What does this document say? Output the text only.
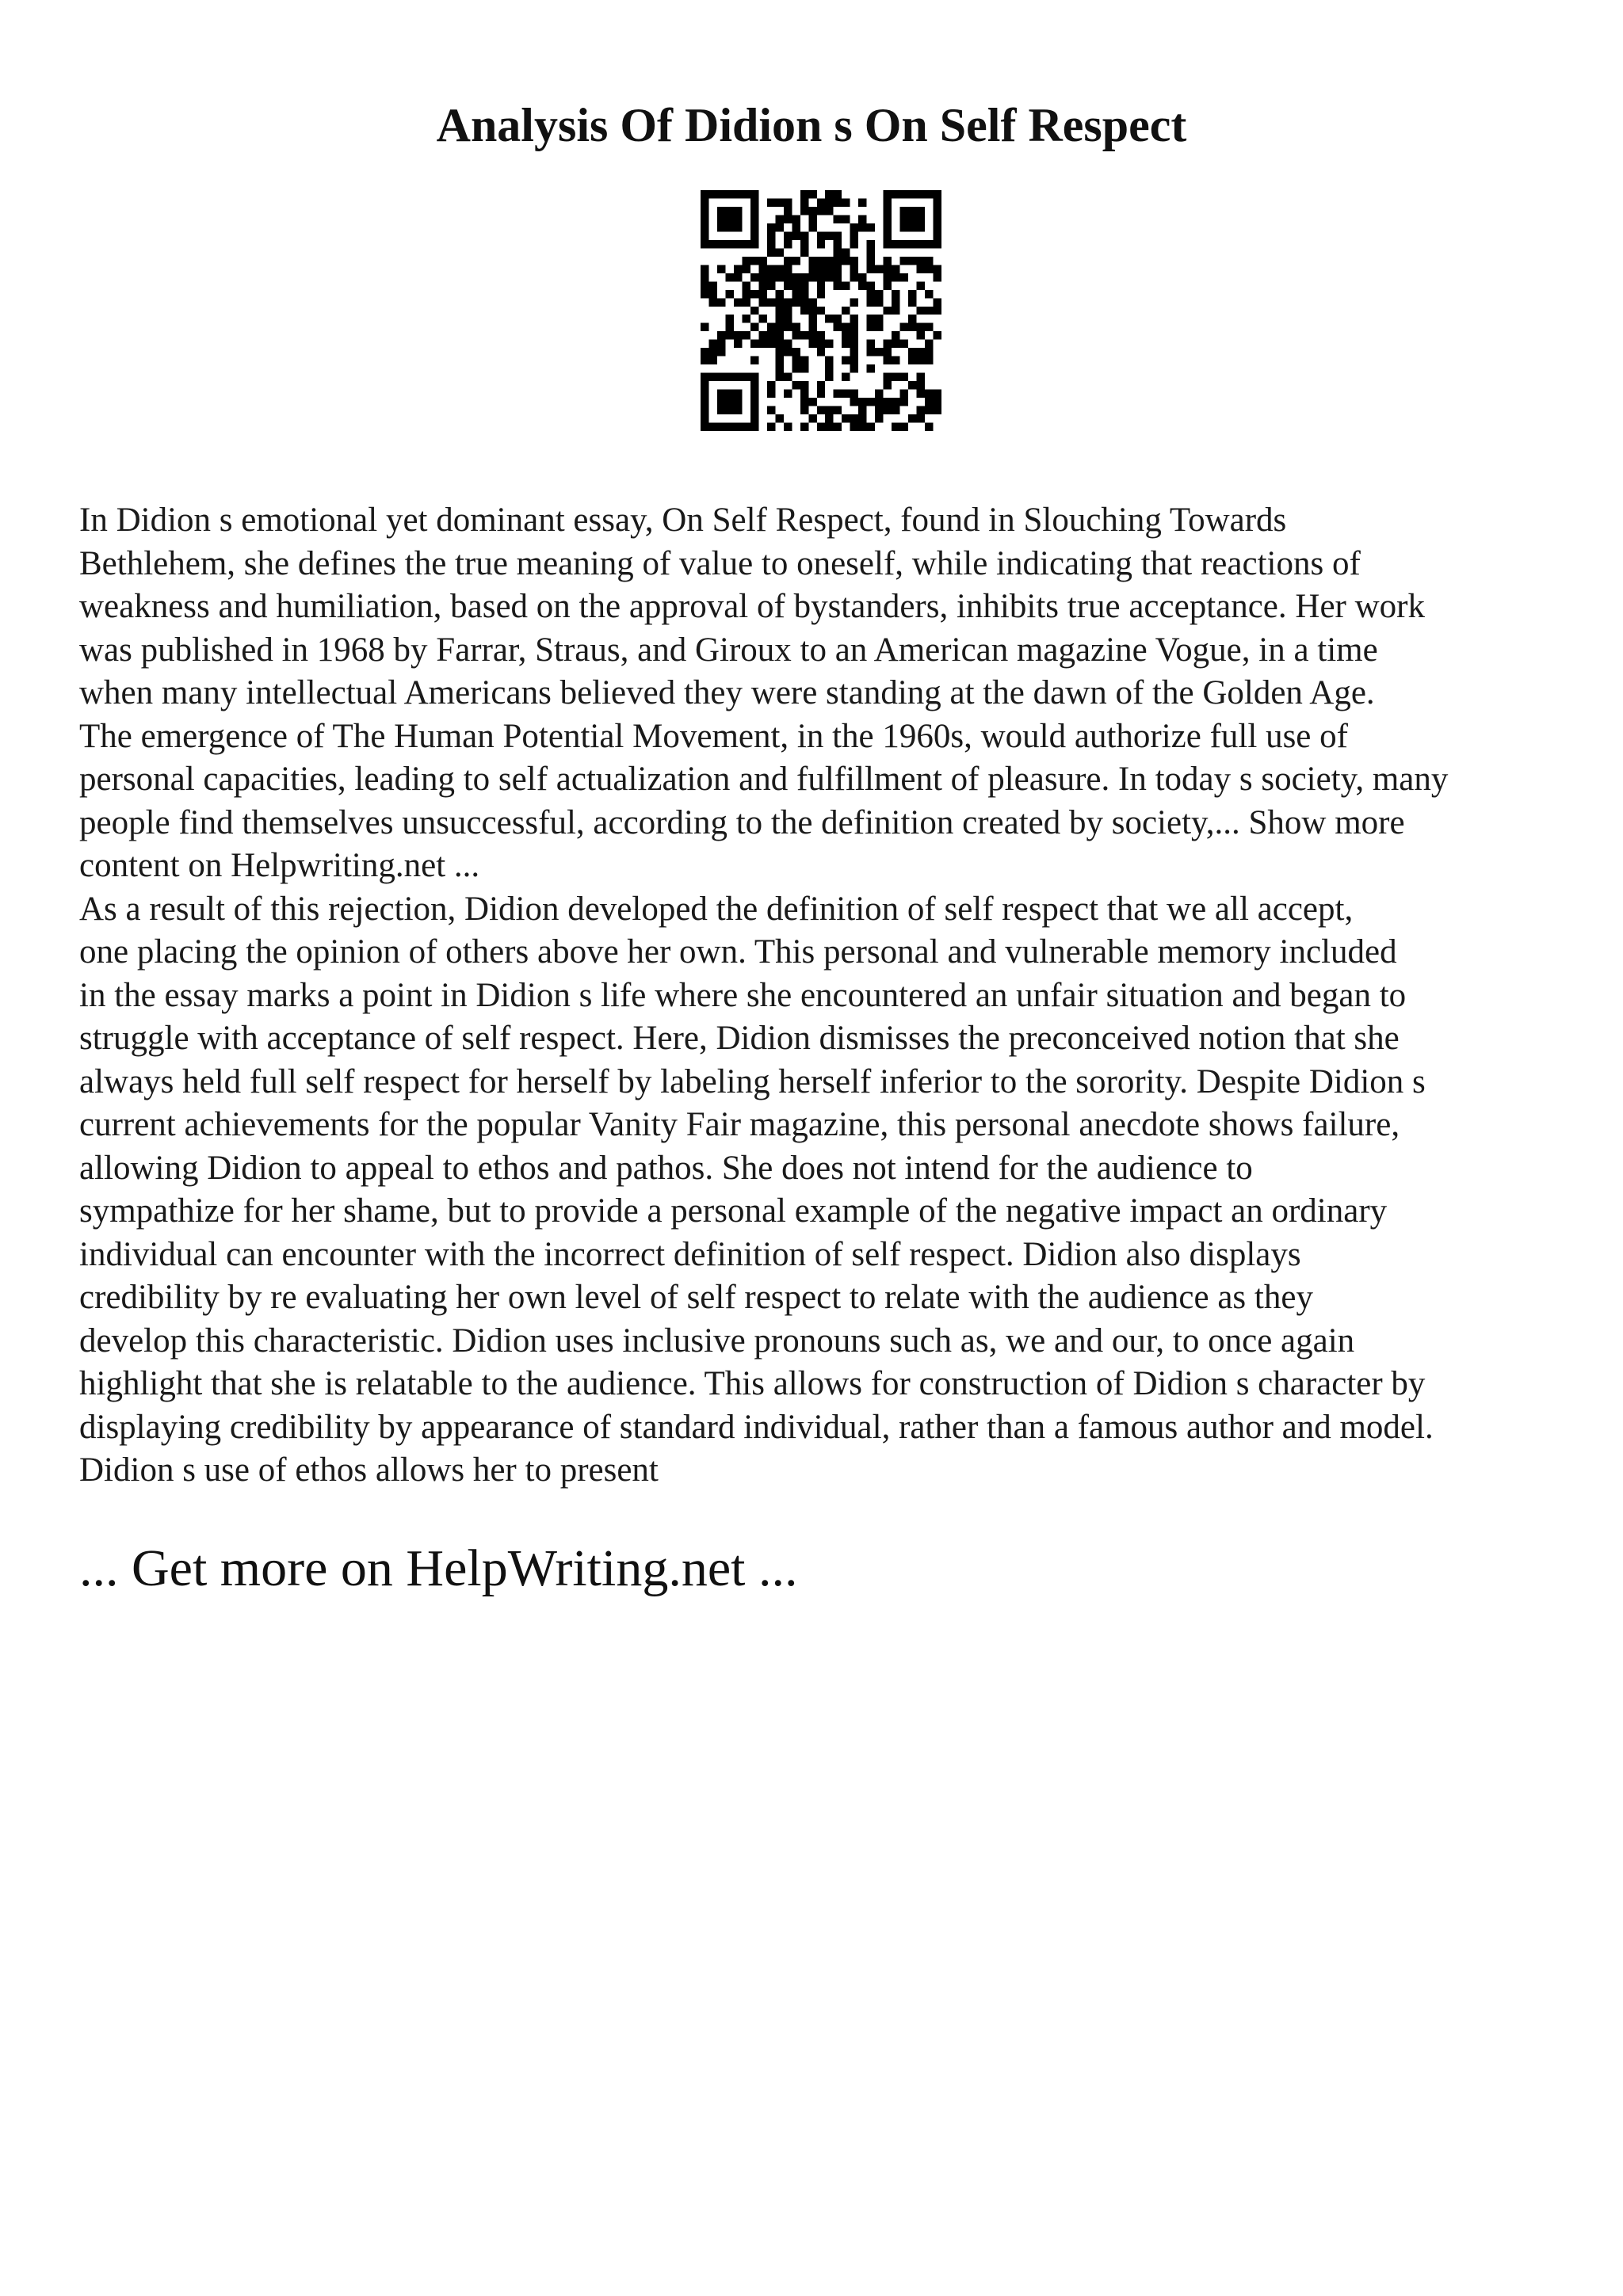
Analysis Of Didion s On Self Respect

In Didion s emotional yet dominant essay, On Self Respect, found in Slouching Towards
Bethlehem, she defines the true meaning of value to oneself, while indicating that reactions of
weakness and humiliation, based on the approval of bystanders, inhibits true acceptance. Her work
was published in 1968 by Farrar, Straus, and Giroux to an American magazine Vogue, in a time
when many intellectual Americans believed they were standing at the dawn of the Golden Age.
The emergence of The Human Potential Movement, in the 1960s, would authorize full use of
personal capacities, leading to self actualization and fulfillment of pleasure. In today s society, many
people find themselves unsuccessful, according to the definition created by society,... Show more
content on Helpwriting.net ...

As a result of this rejection, Didion developed the definition of self respect that we all accept,
one placing the opinion of others above her own. This personal and vulnerable memory included
in the essay marks a point in Didion s life where she encountered an unfair situation and began to
struggle with acceptance of self respect. Here, Didion dismisses the preconceived notion that she
always held full self respect for herself by labeling herself inferior to the sorority. Despite Didion s
current achievements for the popular Vanity Fair magazine, this personal anecdote shows failure,
allowing Didion to appeal to ethos and pathos. She does not intend for the audience to
sympathize for her shame, but to provide a personal example of the negative impact an ordinary
individual can encounter with the incorrect definition of self respect. Didion also displays
credibility by re evaluating her own level of self respect to relate with the audience as they
develop this characteristic. Didion uses inclusive pronouns such as, we and our, to once again
highlight that she is relatable to the audience. This allows for construction of Didion s character by
displaying credibility by appearance of standard individual, rather than a famous author and model.
Didion s use of ethos allows her to present

... Get more on HelpWriting.net ...
